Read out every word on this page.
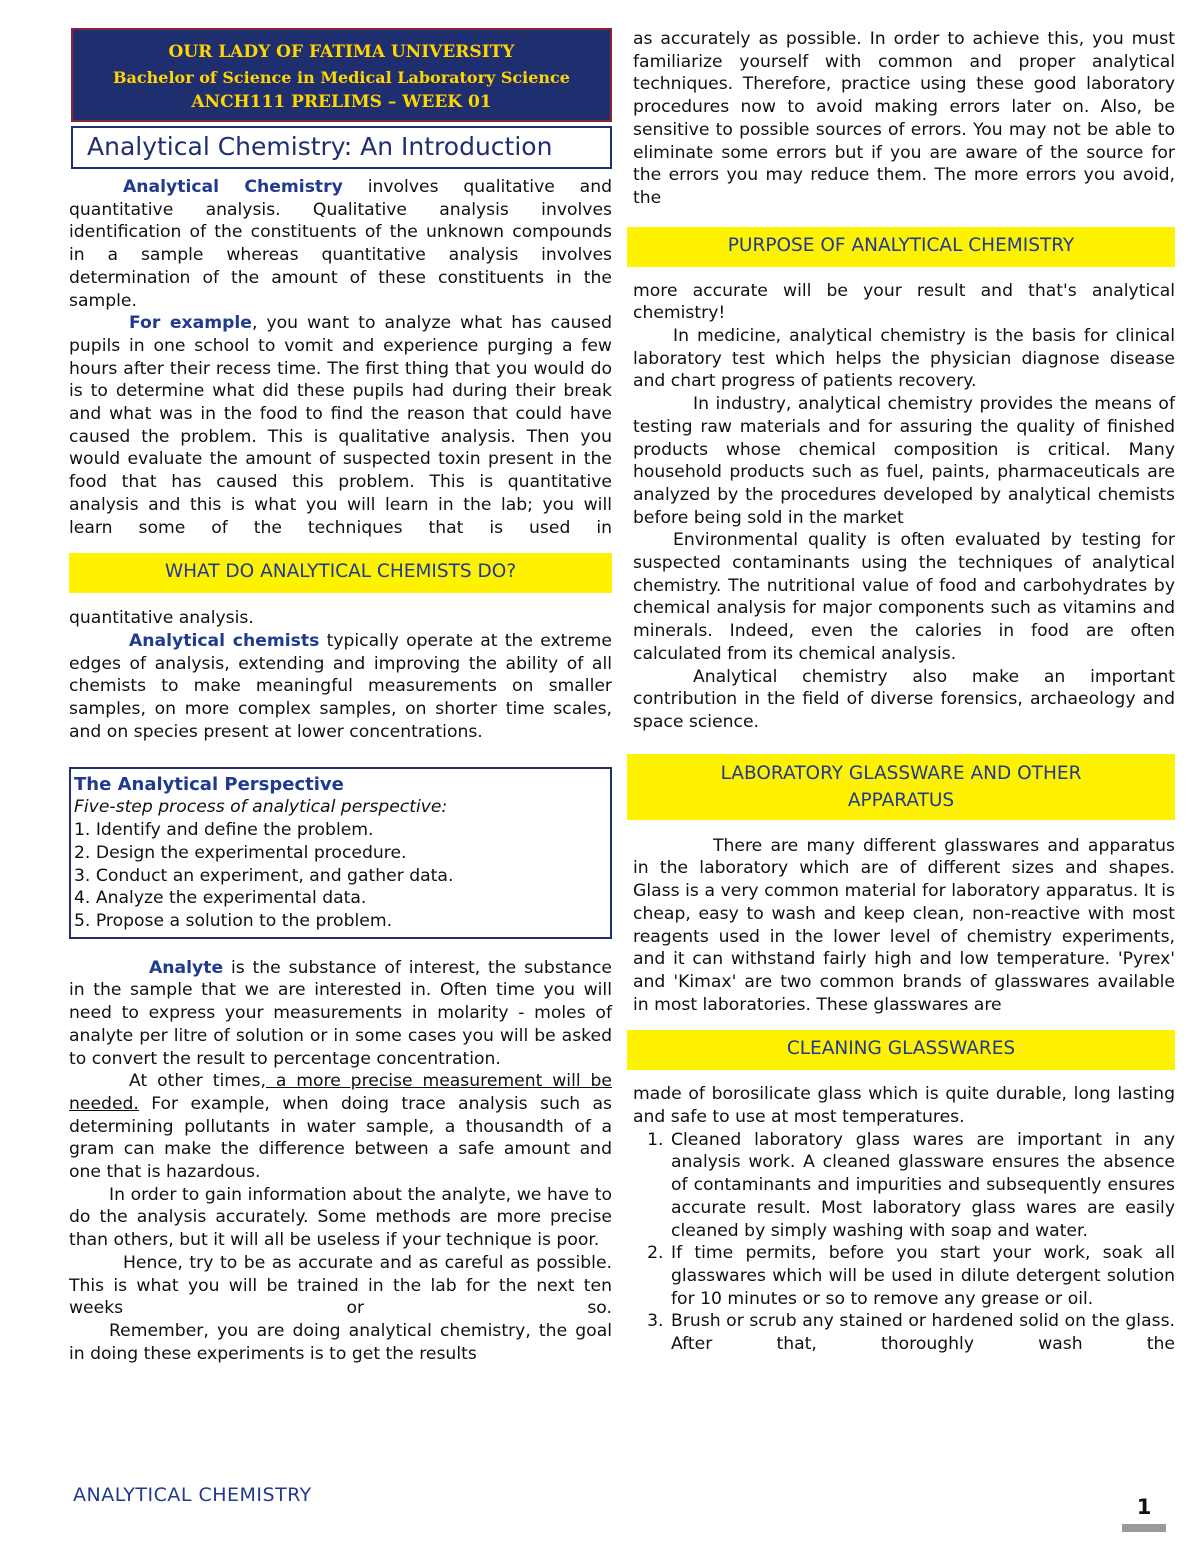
OUR LADY OF FATIMA UNIVERSITY
Bachelor of Science in Medical Laboratory Science
ANCH111 PRELIMS – WEEK 01
Analytical Chemistry: An Introduction

Analytical Chemistry involves qualitative and quantitative analysis. Qualitative analysis involves identification of the constituents of the unknown compounds in a sample whereas quantitative analysis involves determination of the amount of these constituents in the sample.

For example, you want to analyze what has caused pupils in one school to vomit and experience purging a few hours after their recess time. The first thing that you would do is to determine what did these pupils had during their break and what was in the food to find the reason that could have caused the problem. This is qualitative analysis. Then you would evaluate the amount of suspected toxin present in the food that has caused this problem. This is quantitative analysis and this is what you will learn in the lab; you will learn some of the techniques that is used in

WHAT DO ANALYTICAL CHEMISTS DO?

quantitative analysis.

Analytical chemists typically operate at the extreme edges of analysis, extending and improving the ability of all chemists to make meaningful measurements on smaller samples, on more complex samples, on shorter time scales, and on species present at lower concentrations.

The Analytical Perspective
Five-step process of analytical perspective:
1. Identify and define the problem.
2. Design the experimental procedure.
3. Conduct an experiment, and gather data.
4. Analyze the experimental data.
5. Propose a solution to the problem.

Analyte is the substance of interest, the substance in the sample that we are interested in. Often time you will need to express your measurements in molarity - moles of analyte per litre of solution or in some cases you will be asked to convert the result to percentage concentration.

At other times, a more precise measurement will be needed. For example, when doing trace analysis such as determining pollutants in water sample, a thousandth of a gram can make the difference between a safe amount and one that is hazardous.

In order to gain information about the analyte, we have to do the analysis accurately. Some methods are more precise than others, but it will all be useless if your technique is poor.

Hence, try to be as accurate and as careful as possible. This is what you will be trained in the lab for the next ten weeks or so.

Remember, you are doing analytical chemistry, the goal in doing these experiments is to get the results

as accurately as possible. In order to achieve this, you must familiarize yourself with common and proper analytical techniques. Therefore, practice using these good laboratory procedures now to avoid making errors later on. Also, be sensitive to possible sources of errors. You may not be able to eliminate some errors but if you are aware of the source for the errors you may reduce them. The more errors you avoid, the

PURPOSE OF ANALYTICAL CHEMISTRY

more accurate will be your result and that's analytical chemistry!

In medicine, analytical chemistry is the basis for clinical laboratory test which helps the physician diagnose disease and chart progress of patients recovery.

In industry, analytical chemistry provides the means of testing raw materials and for assuring the quality of finished products whose chemical composition is critical. Many household products such as fuel, paints, pharmaceuticals are analyzed by the procedures developed by analytical chemists before being sold in the market

Environmental quality is often evaluated by testing for suspected contaminants using the techniques of analytical chemistry. The nutritional value of food and carbohydrates by chemical analysis for major components such as vitamins and minerals. Indeed, even the calories in food are often calculated from its chemical analysis.

Analytical chemistry also make an important contribution in the field of diverse forensics, archaeology and space science.

LABORATORY GLASSWARE AND OTHER
APPARATUS

There are many different glasswares and apparatus in the laboratory which are of different sizes and shapes. Glass is a very common material for laboratory apparatus. It is cheap, easy to wash and keep clean, non-reactive with most reagents used in the lower level of chemistry experiments, and it can withstand fairly high and low temperature. 'Pyrex' and 'Kimax' are two common brands of glasswares available in most laboratories. These glasswares are

CLEANING GLASSWARES

made of borosilicate glass which is quite durable, long lasting and safe to use at most temperatures.

1. Cleaned laboratory glass wares are important in any analysis work. A cleaned glassware ensures the absence of contaminants and impurities and subsequently ensures accurate result. Most laboratory glass wares are easily cleaned by simply washing with soap and water.
2. If time permits, before you start your work, soak all glasswares which will be used in dilute detergent solution for 10 minutes or so to remove any grease or oil.
3. Brush or scrub any stained or hardened solid on the glass. After that, thoroughly wash the
ANALYTICAL CHEMISTRY	1
